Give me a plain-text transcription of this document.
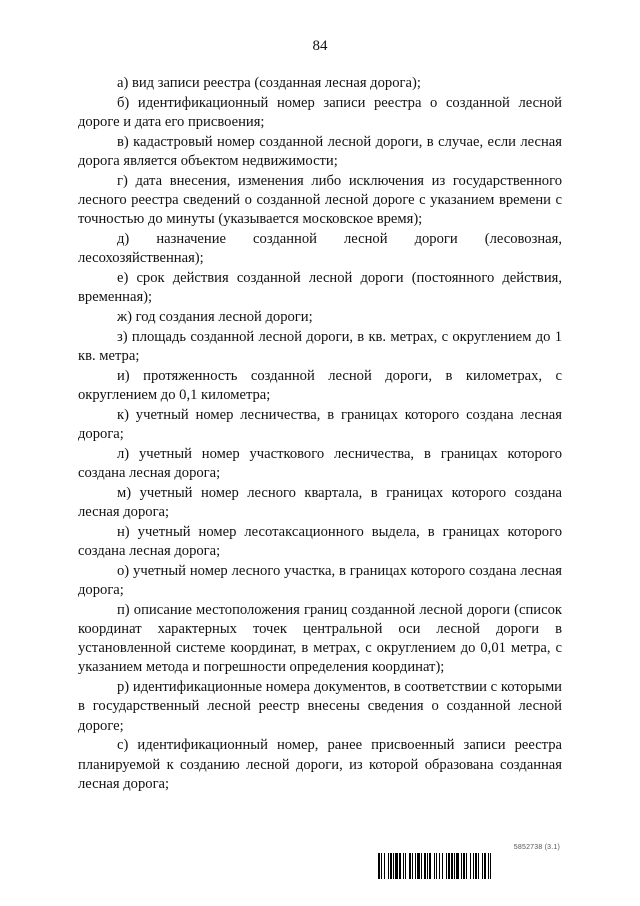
84

а) вид записи реестра (созданная лесная дорога);

б) идентификационный номер записи реестра о созданной лесной дороге и дата его присвоения;

в) кадастровый номер созданной лесной дороги, в случае, если лесная дорога является объектом недвижимости;

г) дата внесения, изменения либо исключения из государственного лесного реестра сведений о созданной лесной дороге с указанием времени с точностью до минуты (указывается московское время);

д) назначение созданной лесной дороги (лесовозная, лесохозяйственная);

е) срок действия созданной лесной дороги (постоянного действия, временная);

ж) год создания лесной дороги;

з) площадь созданной лесной дороги, в кв. метрах, с округлением до 1 кв. метра;

и) протяженность созданной лесной дороги, в километрах, с округлением до 0,1 километра;

к) учетный номер лесничества, в границах которого создана лесная дорога;

л) учетный номер участкового лесничества, в границах которого создана лесная дорога;

м) учетный номер лесного квартала, в границах которого создана лесная дорога;

н) учетный номер лесотаксационного выдела, в границах которого создана лесная дорога;

о) учетный номер лесного участка, в границах которого создана лесная дорога;

п) описание местоположения границ созданной лесной дороги (список координат характерных точек центральной оси лесной дороги в установленной системе координат, в метрах, с округлением до 0,01 метра, с указанием метода и погрешности определения координат);

р) идентификационные номера документов, в соответствии с которыми в государственный лесной реестр внесены сведения о созданной лесной дороге;

с) идентификационный номер, ранее присвоенный записи реестра планируемой к созданию лесной дороги, из которой образована созданная лесная дорога;

5852738 (3.1)
